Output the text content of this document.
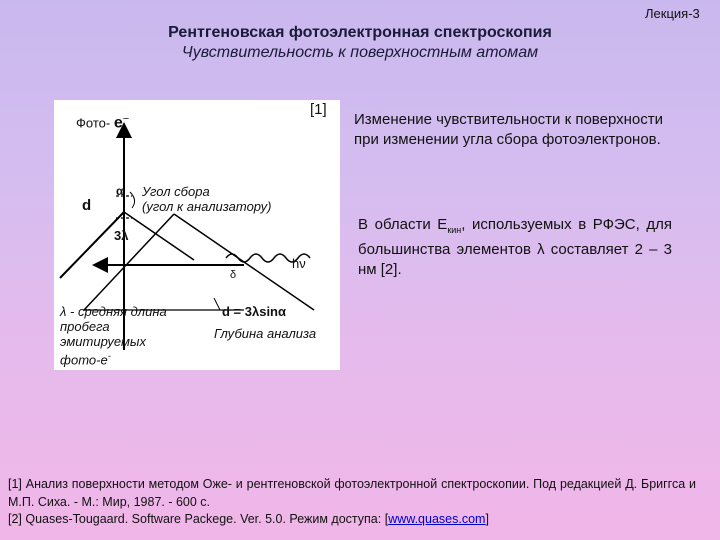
Лекция-3
Рентгеновская фотоэлектронная спектроскопия
Чувствительность к поверхностным атомам
Фото- e−
[1]
α
d
Угол сбора
(угол к анализатору)
3λ
hν
δ
λ - средняя длина
пробега
эмитируемых
фото-е-
d = 3λsinα
Глубина анализа
Изменение чувствительности к поверхности при изменении угла сбора фотоэлектронов.
В области $Е_{кин}$, используемых в РФЭС, для большинства элементов λ составляет 2 – 3 нм [2].
[1] Анализ поверхности методом Оже- и рентгеновской фотоэлектронной спектроскопии. Под редакцией Д. Бриггса и М.П. Сиха. - М.: Мир, 1987. - 600 с.
[2] Quases-Tougaard. Software Packege. Ver. 5.0. Режим доступа: [www.quases.com]
